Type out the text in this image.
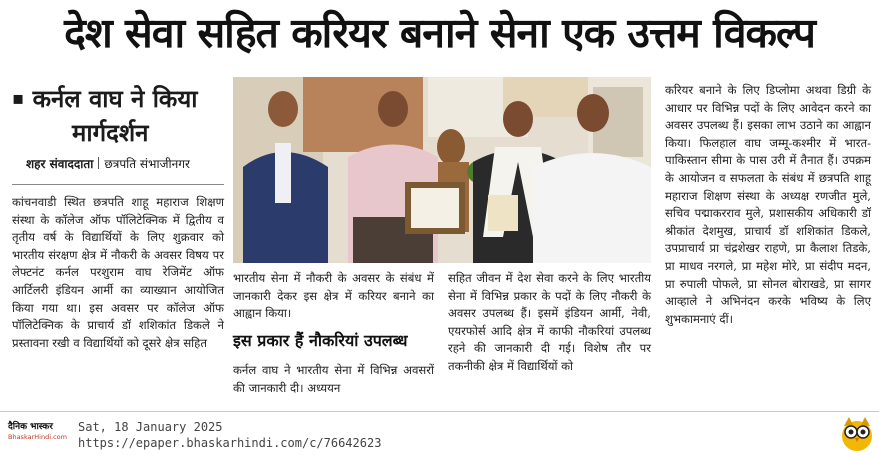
देश सेवा सहित करियर बनाने सेना एक उत्तम विकल्प
▪ कर्नल वाघ ने किया
मार्गदर्शन
शहर संवाददाता छत्रपति संभाजीनगर
कांचनवाडी स्थित छत्रपति शाहू महाराज शिक्षण संस्था के कॉलेज ऑफ पॉलिटेक्निक में द्वितीय व तृतीय वर्ष के विद्यार्थियों के लिए शुक्रवार को भारतीय संरक्षण क्षेत्र में नौकरी के अवसर विषय पर लेफ्टनंट कर्नल परशुराम वाघ रेजिमेंट ऑफ आर्टिलरी इंडियन आर्मी का व्याख्यान आयोजित किया गया था। इस अवसर पर कॉलेज ऑफ पॉलिटेक्निक के प्राचार्य डॉ शशिकांत डिकले ने प्रस्तावना रखी व विद्यार्थियों को दूसरे क्षेत्र सहित
भारतीय सेना में नौकरी के अवसर के संबंध में जानकारी देकर इस क्षेत्र में करियर बनाने का आह्वान किया।
इस प्रकार हैं नौकरियां उपलब्ध
कर्नल वाघ ने भारतीय सेना में विभिन्न अवसरों की जानकारी दी। अध्ययन
सहित जीवन में देश सेवा करने के लिए भारतीय सेना में विभिन्न प्रकार के पदों के लिए नौकरी के अवसर उपलब्ध हैं। इसमें इंडियन आर्मी, नेवी, एयरफोर्स आदि क्षेत्र में काफी नौकरियां उपलब्ध रहने की जानकारी दी गई। विशेष तौर पर तकनीकी क्षेत्र में विद्यार्थियों को
करियर बनाने के लिए डिप्लोमा अथवा डिग्री के आधार पर विभिन्न पदों के लिए आवेदन करने का अवसर उपलब्ध हैं। इसका लाभ उठाने का आह्वान किया। फिलहाल वाघ जम्मू-कश्मीर में भारत-पाकिस्तान सीमा के पास उरी में तैनात हैं। उपक्रम के आयोजन व सफलता के संबंध में छत्रपति शाहू महाराज शिक्षण संस्था के अध्यक्ष रणजीत मुले, सचिव पद्माकरराव मुले, प्रशासकीय अधिकारी डॉ श्रीकांत देशमुख, प्राचार्य डॉ शशिकांत डिकले, उपप्राचार्य प्रा चंद्रशेखर राहणे, प्रा कैलाश तिडके, प्रा माधव नरगले, प्रा महेश मोरे, प्रा संदीप मदन, प्रा रुपाली पोफले, प्रा सोनल बोराखडे, प्रा सागर आव्हाले ने अभिनंदन करके भविष्य के लिए शुभकामनाएं दीं।
दैनिक भास्कर
BhaskarHindi.com
Sat, 18 January 2025
https://epaper.bhaskarhindi.com/c/76642623
